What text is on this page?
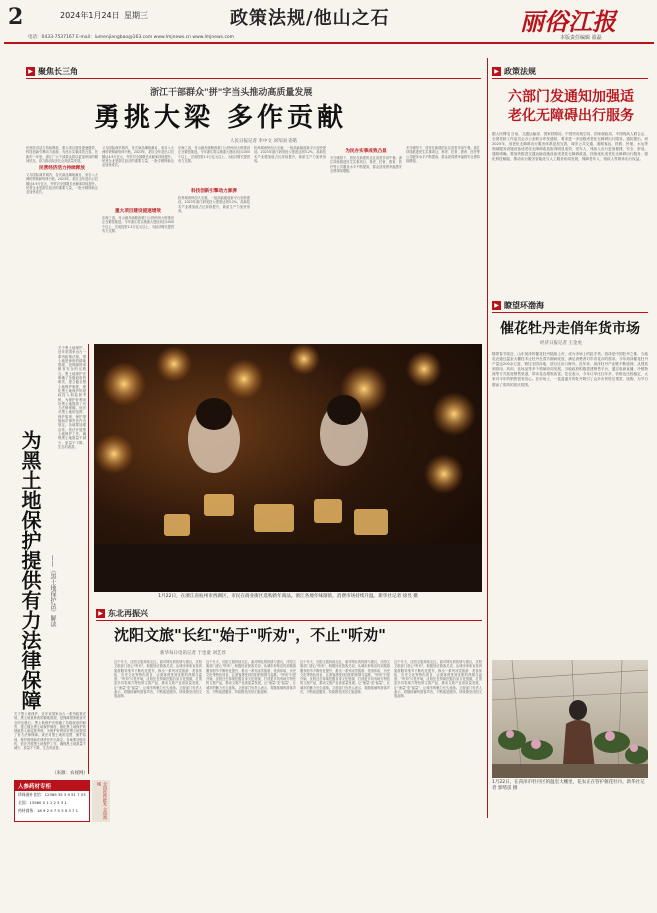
2	2024年1月24日 星期三	政策法规/他山之石	丽俗江报
电话：0433-7537167 E-mail：lumenjiangbao@163.com www.lmjnews.cn www.lmjnews.com	本版责任编辑 盈磊
▶ 聚焦长三角
浙江干部群众"拼"字当头推动高质量发展
勇挑大梁 多作贡献
人民日报记者 李中文 刘军国 姿皓
民营经济活力持续释放，重大项目建设提速增效，科技创新引擎动力澎湃，为民办实事成效凸显。在新的一年里，浙江广大干部群众将以更加昂扬的精神状态，奋力推动经济社会高质量发展。
民营经济活力持续释放
义乌国际商贸城内，各式商品琳琅满目，来自八大洲的采购商络绎不绝。2023年，浙江全年进出口总额达4.9万亿元，外贸对全国增长贡献率持续提升。民营企业是浙江经济的重要力量，一批专精特新企业加快成长。
义乌国际商贸城内，各式商品琳琅满目，来自八大洲的采购商络绎不绝。2023年，浙江全年进出口总额达4.9万亿元，外贸对全国增长贡献率持续提升。民营企业是浙江经济的重要力量，一批专精特新企业加快成长。
重大项目建设提速增效
东海之滨，舟山港舟绿路西堠门公铁两用大桥建设正在紧张推进。今年浙江将实施重大建设项目1000个以上，完成投资1.5万亿元以上，为经济增长提供有力支撑。
东海之滨，舟山港舟绿路西堠门公铁两用大桥建设正在紧张推进。今年浙江将实施重大建设项目1000个以上，完成投资1.5万亿元以上，为经济增长提供有力支撑。
科技创新引擎动力澎湃
杭州城西科创大走廊，一批高能级创新平台加快建设。2023年浙江研发投入强度达到3.2%，高新技术产业增加值占比持续提升，新质生产力加快形成。
杭州城西科创大走廊，一批高能级创新平台加快建设。2023年浙江研发投入强度达到3.2%，高新技术产业增加值占比持续提升，新质生产力加快形成。
为民办实事成效凸显
冬日暖阳下，居民在新建的社区食堂享用午餐。浙江持续推进民生实事项目，养老、托育、教育、医疗等公共服务水平不断提高，群众获得感幸福感安全感持续增强。
冬日暖阳下，居民在新建的社区食堂享用午餐。浙江持续推进民生实事项目，养老、托育、教育、医疗等公共服务水平不断提高，群众获得感幸福感安全感持续增强。
1月22日，在浙江省杭州市西湖区，市民在商业街区选购新年商品。浙江各地年味渐浓，消费市场持续升温。新华社记者 徐昱 摄
为黑土地保护提供有力法律保障 ——《黑土地保护法》解读
关于黑土地保护，近年来国家出台一系列政策法规。黑土地是珍贵的耕地资源，是保障国家粮食安全的压舱石。黑土地保护法明确了各级政府的职责，建立健全黑土地保护制度，强化黑土地保护的财政投入和监督考核，为保护好利用好黑土地提供了有力法律保障。该法对黑土地的范围、保护原则、保护措施和法律责任作出规定。各地要加强宣传，依法开展黑土地保护工作，确保黑土地数量不减少、质量不下降、生态有改善。
关于黑土地保护，近年来国家出台一系列政策法规。黑土地是珍贵的耕地资源，是保障国家粮食安全的压舱石。黑土地保护法明确了各级政府的职责，建立健全黑土地保护制度，强化黑土地保护的财政投入和监督考核，为保护好利用好黑土地提供了有力法律保障。该法对黑土地的范围、保护原则、保护措施和法律责任作出规定。各地要加强宣传，依法开展黑土地保护工作，确保黑土地数量不减少、质量不下降、生态有改善。
（来源：农视网）
人参药材专柜
珍珠滋补食馆：12369 35 3 9 51 7 53
全国：13560 5 1 1 2 5 3 1
药材商务：18 9 2 5 7 5 3 9 3 7 1
全国医药批发 全国商城
▶ 东北再振兴
沈阳文旅"长红"始于"听劝"，不止"听劝"
新华每日电讯记者 于也童 刘艺淳
这个冬天，沈阳文旅持续走红。面对网友的热情与建议，沈阳文旅部门虚心"听劝"，积极回应游客关切，从城市形象宣传到旅游服务细节不断优化提升，推出一系列冰雪旅游、美食体验、历史文化等特色项目，让游客感受到沈阳的热情与温度。"听劝"只是开始，沈阳还在持续挖掘自身文化资源，打造更多具有地方特色的文旅产品，推动文旅产业高质量发展，让"流量"变"留量"，让城市的魅力长久延续。文旅部门负责人表示，将继续倾听游客声音，不断改进服务，持续擦亮沈阳文旅品牌。
这个冬天，沈阳文旅持续走红。面对网友的热情与建议，沈阳文旅部门虚心"听劝"，积极回应游客关切，从城市形象宣传到旅游服务细节不断优化提升，推出一系列冰雪旅游、美食体验、历史文化等特色项目，让游客感受到沈阳的热情与温度。"听劝"只是开始，沈阳还在持续挖掘自身文化资源，打造更多具有地方特色的文旅产品，推动文旅产业高质量发展，让"流量"变"留量"，让城市的魅力长久延续。文旅部门负责人表示，将继续倾听游客声音，不断改进服务，持续擦亮沈阳文旅品牌。
这个冬天，沈阳文旅持续走红。面对网友的热情与建议，沈阳文旅部门虚心"听劝"，积极回应游客关切，从城市形象宣传到旅游服务细节不断优化提升，推出一系列冰雪旅游、美食体验、历史文化等特色项目，让游客感受到沈阳的热情与温度。"听劝"只是开始，沈阳还在持续挖掘自身文化资源，打造更多具有地方特色的文旅产品，推动文旅产业高质量发展，让"流量"变"留量"，让城市的魅力长久延续。文旅部门负责人表示，将继续倾听游客声音，不断改进服务，持续擦亮沈阳文旅品牌。
这个冬天，沈阳文旅持续走红。面对网友的热情与建议，沈阳文旅部门虚心"听劝"，积极回应游客关切，从城市形象宣传到旅游服务细节不断优化提升，推出一系列冰雪旅游、美食体验、历史文化等特色项目，让游客感受到沈阳的热情与温度。"听劝"只是开始，沈阳还在持续挖掘自身文化资源，打造更多具有地方特色的文旅产品，推动文旅产业高质量发展，让"流量"变"留量"，让城市的魅力长久延续。文旅部门负责人表示，将继续倾听游客声音，不断改进服务，持续擦亮沈阳文旅品牌。
▶ 政策法规
六部门发通知加强适老化无障碍出行服务
据人民网电 日前，交通运输部、国家铁路局、中国民用航空局、国家邮政局、中国残疾人联合会、全国老龄工作委员会办公室联合印发通知，要求进一步加强适老化无障碍出行服务。通知提出，到2025年，适老化无障碍出行服务体系更加完善，城市公共交通、道路客运、铁路、民航、水运等领域服务设施设备适老化无障碍改造取得明显成效，老年人、残疾人出行更加便捷、安全、舒适。通知明确，要加快推进交通运输设施设备适老化无障碍改造，持续优化适老化无障碍出行服务，强化科技赋能，推动出行服务智能化与人工服务协同发展，保障老年人、残疾人等群体出行权益。
▶ 瞭望环渤海
催花牡丹走俏年货市场
经济日报记者 王金虎
随着春节临近，山东菏泽的催花牡丹陆续上市，成为市场上的抢手货。菏泽是中国牡丹之都，当地花农通过温室大棚技术让牡丹在春节期间绽放，满足消费者对年宵花卉的需求。今年菏泽催花牡丹产量达200余万盆，销往全国各地，部分还出口海外。近年来，菏泽牡丹产业链不断延伸，从观赏到食用、药用、化妆品等多个领域协同发展。当地政府积极搭建销售平台，通过电商直播、冷链物流等方式拓宽销售渠道，带动花农增收致富。花农表示，今年订单比往年多，价格也比较稳定，大家对今年的销售很有信心。在市场上，一盆盆盛开的牡丹吸引了众多市民驻足观赏、选购，为节日增添了浓浓的喜庆氛围。
1月22日，在菏泽市牡丹区的温室大棚里，花农正在管护催花牡丹。新华社记者 郭绪雷 摄
